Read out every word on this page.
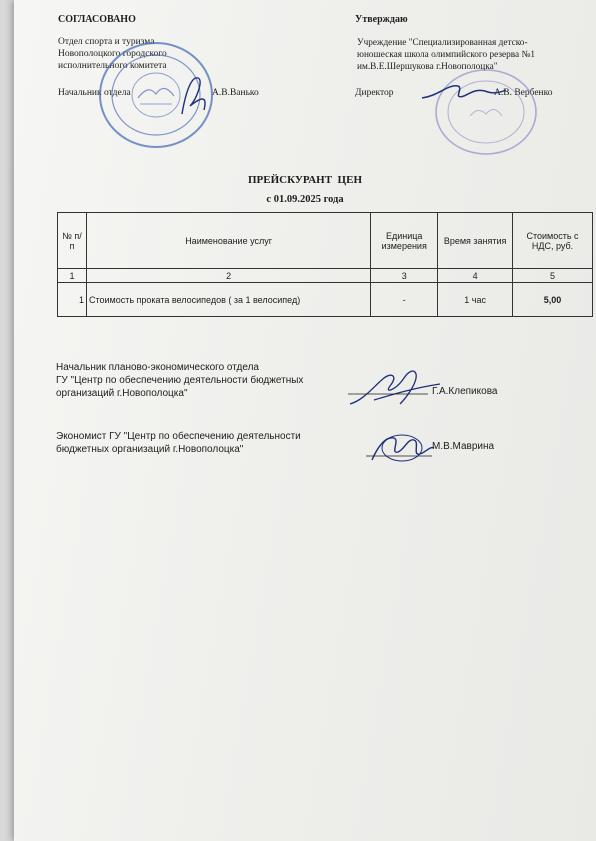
СОГЛАСОВАНО
Отдел спорта и туризма
Новополоцкого городского
исполнительного комитета
Начальник отдела	А.В.Ванько
Утверждаю
Учреждение "Специализированная детско-
юношеская школа олимпийского резерва №1
им.В.Е.Шершукова г.Новополоцка"
Директор	А.В. Вербенко
ПРЕЙСКУРАНТ  ЦЕН
с 01.09.2025 года
№ п/п	Наименование услуг	Единица измерения	Время занятия	Стоимость с НДС, руб.
1	2	3	4	5
1	Стоимость проката велосипедов ( за 1 велосипед)	-	1 час	5,00
Начальник планово-экономического отдела
ГУ "Центр по обеспечению деятельности бюджетных
организаций г.Новополоцка"	Г.А.Клепикова
Экономист ГУ "Центр по обеспечению деятельности
бюджетных организаций г.Новополоцка"	М.В.Маврина
